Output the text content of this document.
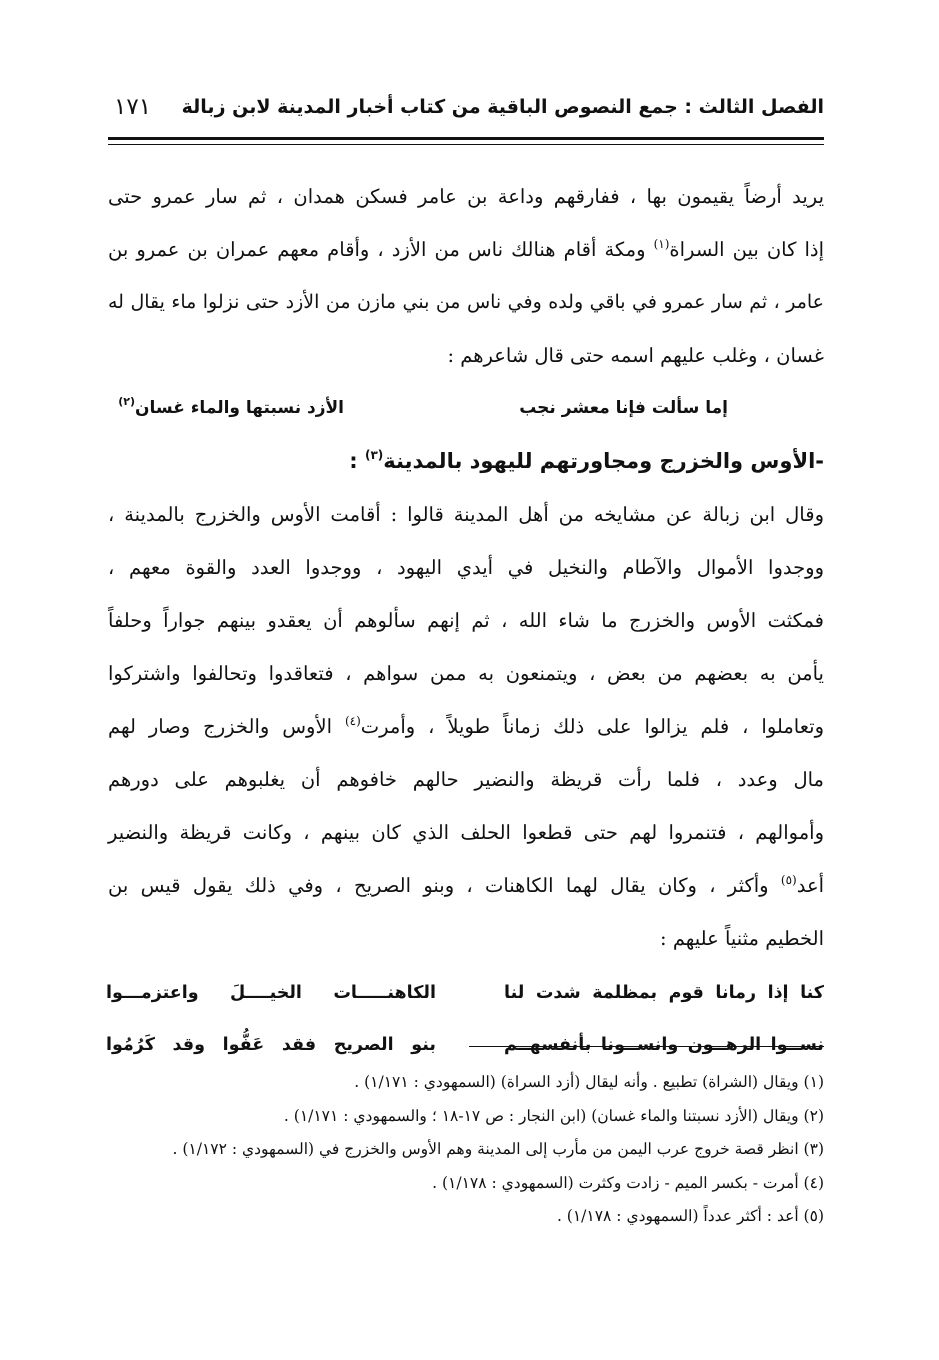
الفصل الثالث : جمع النصوص الباقية من كتاب أخبار المدينة لابن زبالة
١٧١
يريد أرضاً يقيمون بها ، ففارقهم وداعة بن عامر فسكن همدان ، ثم سار عمرو حتى
إذا كان بين السراة$^{(١)}$ ومكة أقام هنالك ناس من الأزد ، وأقام معهم عمران بن عمرو بن
عامر ، ثم سار عمرو في باقي ولده وفي ناس من بني مازن من الأزد حتى نزلوا ماء يقال له
غسان ، وغلب عليهم اسمه حتى قال شاعرهم :
إما سألت فإنا معشر نجب
الأزد نسبتها والماء غسان$^{(٢)}$
-الأوس والخزرج ومجاورتهم لليهود بالمدينة$^{(٣)}$ :
وقال ابن زبالة عن مشايخه من أهل المدينة قالوا : أقامت الأوس والخزرج بالمدينة ،
ووجدوا الأموال والآطام والنخيل في أيدي اليهود ، ووجدوا العدد والقوة معهم ،
فمكثت الأوس والخزرج ما شاء الله ، ثم إنهم سألوهم أن يعقدو بينهم جواراً وحلفاً
يأمن به بعضهم من بعض ، ويتمنعون به ممن سواهم ، فتعاقدوا وتحالفوا واشتركوا
وتعاملوا ، فلم يزالوا على ذلك زماناً طويلاً ، وأمرت$^{(٤)}$ الأوس والخزرج وصار لهم
مال وعدد ، فلما رأت قريظة والنضير حالهم خافوهم أن يغلبوهم على دورهم
وأموالهم ، فتنمروا لهم حتى قطعوا الحلف الذي كان بينهم ، وكانت قريظة والنضير
أعد$^{(٥)}$ وأكثر ، وكان يقال لهما الكاهنات ، وبنو الصريح ، وفي ذلك يقول قيس بن
الخطيم مثنياً عليهم :
كنا إذا رمانا قوم بمظلمة شدت لنا
الكاهنـــــات الخيــــلَ واعتزمـــوا
نســوا الرهــون وانســونا بأنفسهــم
بنو الصريح فقد عَفُّوا وقد كَرُمُوا
(١) ويقال (الشراة) تطبيع . وأنه ليقال (أزد السراة) (السمهودي : ١/١٧١) .
(٢) ويقال (الأزد نسبتنا والماء غسان) (ابن النجار : ص ١٧-١٨ ؛ والسمهودي : ١/١٧١) .
(٣) انظر قصة خروج عرب اليمن من مأرب إلى المدينة وهم الأوس والخزرج في (السمهودي : ١/١٧٢) .
(٤) أمرت - بكسر الميم - زادت وكثرت (السمهودي : ١/١٧٨) .
(٥) أعد : أكثر عدداً (السمهودي : ١/١٧٨) .
